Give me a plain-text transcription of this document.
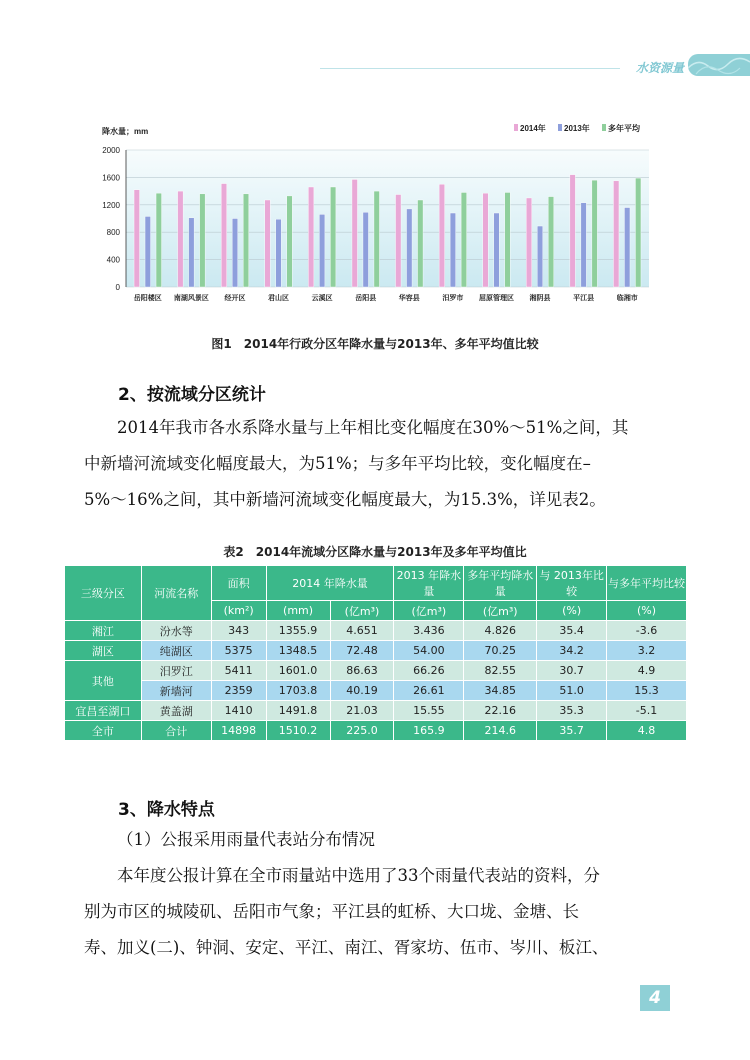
水资源量
0
400
800
1200
1600
2000
降水量；mm	2014年 2013年 多年平均
岳阳楼区 南湖风景区 经开区	君山区	云溪区	岳阳县	华容县	汨罗市 屈原管理区 湘阴县	平江县	临湘市
图1　2014年行政分区年降水量与2013年、多年平均值比较
2、按流域分区统计

2014年我市各水系降水量与上年相比变化幅度在30%～51%之间，其

中新墙河流域变化幅度最大，为51%；与多年平均比较，变化幅度在–

5%～16%之间，其中新墙河流域变化幅度最大，为15.3%，详见表2。

表2　2014年流域分区降水量与2013年及多年平均值比
三级分区	河流名称	面积	2014 年降水量		2013 年降水量	多年平均降水量	与 2013年比较	与多年平均比较
		(km²)	(mm)	(亿m³)	(亿m³)	(亿m³)	(%)	(%)
湘江	汾水等	343	1355.9	4.651	3.436	4.826	35.4	-3.6
湖区	纯湖区	5375	1348.5	72.48	54.00	70.25	34.2	3.2
其他	汨罗江	5411	1601.0	86.63	66.26	82.55	30.7	4.9
	新墙河	2359	1703.8	40.19	26.61	34.85	51.0	15.3
宜昌至湖口	黄盖湖	1410	1491.8	21.03	15.55	22.16	35.3	-5.1
全市	合计	14898	1510.2	225.0	165.9	214.6	35.7	4.8
3、降水特点

（1）公报采用雨量代表站分布情况

本年度公报计算在全市雨量站中选用了33个雨量代表站的资料，分

别为市区的城陵矶、岳阳市气象；平江县的虹桥、大口垅、金塘、长

寿、加义(二)、钟洞、安定、平江、南江、胥家坊、伍市、岑川、板江、

4
